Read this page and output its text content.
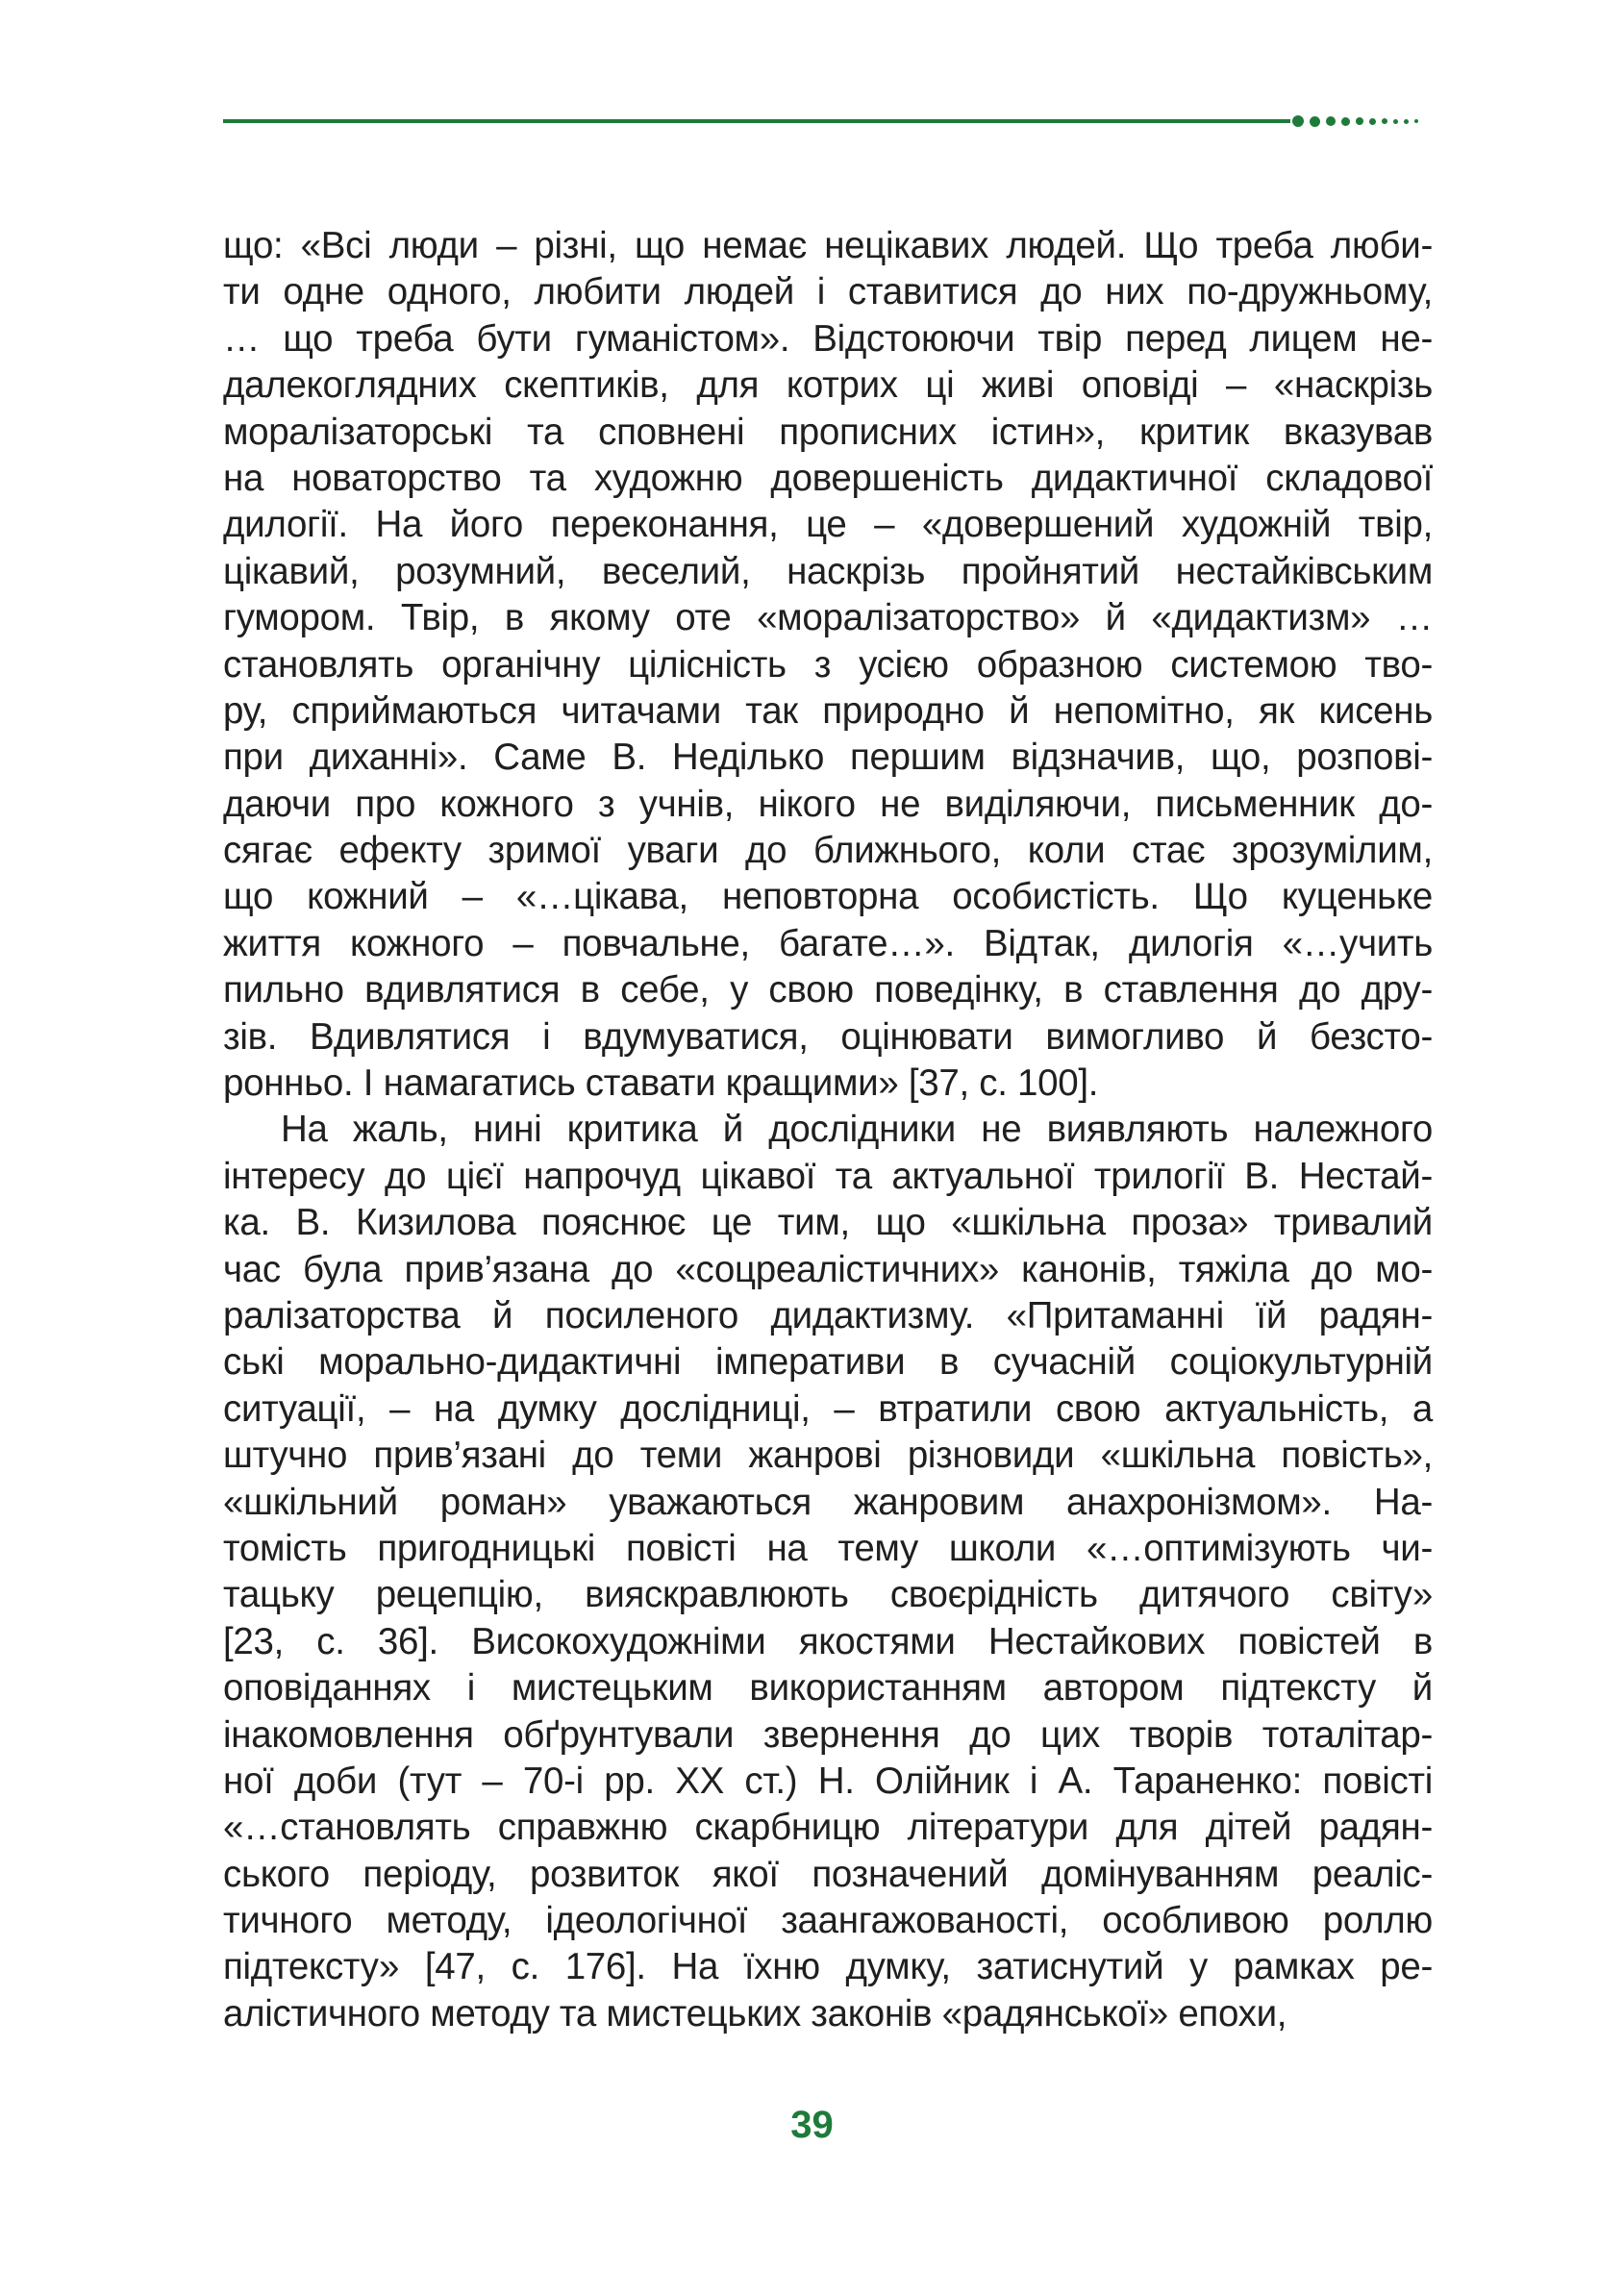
що: «Всі люди – різні, що немає нецікавих людей. Що треба люби-
ти одне одного, любити людей і ставитися до них по-дружньому,
… що треба бути гуманістом». Відстоюючи твір перед лицем не-
далекоглядних скептиків, для котрих ці живі оповіді – «наскрізь
моралізаторські та сповнені прописних істин», критик вказував
на новаторство та художню довершеність дидактичної складової
дилогії. На його переконання, це – «довершений художній твір,
цікавий, розумний, веселий, наскрізь пройнятий нестайківським
гумором. Твір, в якому оте «моралізаторство» й «дидактизм» …
становлять органічну цілісність з усією образною системою тво-
ру, сприймаються читачами так природно й непомітно, як кисень
при диханні». Саме В. Неділько першим відзначив, що, розпові-
даючи про кожного з учнів, нікого не виділяючи, письменник до-
сягає ефекту зримої уваги до ближнього, коли стає зрозумілим,
що кожний – «…цікава, неповторна особистість. Що куценьке
життя кожного – повчальне, багате…». Відтак, дилогія «…учить
пильно вдивлятися в себе, у свою поведінку, в ставлення до дру-
зів. Вдивлятися і вдумуватися, оцінювати вимогливо й безсто-
ронньо. І намагатись ставати кращими» [37, с. 100].
На жаль, нині критика й дослідники не виявляють належного
інтересу до цієї напрочуд цікавої та актуальної трилогії В. Нестай-
ка. В. Кизилова пояснює це тим, що «шкільна проза» тривалий
час була прив’язана до «соцреалістичних» канонів, тяжіла до мо-
ралізаторства й посиленого дидактизму. «Притаманні їй радян-
ські морально-дидактичні імперативи в сучасній соціокультурній
ситуації, – на думку дослідниці, – втратили свою актуальність, а
штучно прив’язані до теми жанрові різновиди «шкільна повість»,
«шкільний роман» уважаються жанровим анахронізмом». На-
томість пригодницькі повісті на тему школи «…оптимізують чи-
тацьку рецепцію, вияскравлюють своєрідність дитячого світу»
[23, с. 36]. Високохудожніми якостями Нестайкових повістей в
оповіданнях і мистецьким використанням автором підтексту й
інакомовлення обґрунтували звернення до цих творів тоталітар-
ної доби (тут – 70-і рр. ХХ ст.) Н. Олійник і А. Тараненко: повісті
«…становлять справжню скарбницю літератури для дітей радян-
ського періоду, розвиток якої позначений домінуванням реаліс-
тичного методу, ідеологічної заангажованості, особливою роллю
підтексту» [47, с. 176]. На їхню думку, затиснутий у рамках ре-
алістичного методу та мистецьких законів «радянської» епохи,
39
